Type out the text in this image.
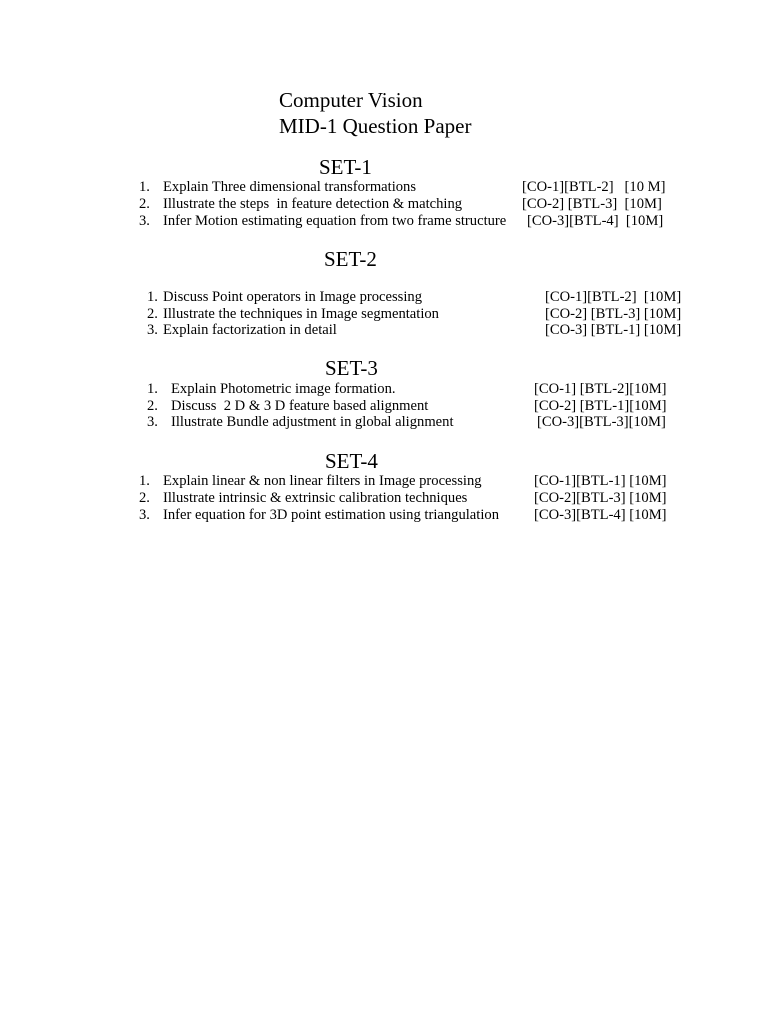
Computer Vision
MID-1 Question Paper
SET-1
1. Explain Three dimensional transformations	[CO-1][BTL-2]   [10 M]
2. Illustrate the steps  in feature detection & matching	[CO-2] [BTL-3]  [10M]
3. Infer Motion estimating equation from two frame structure [CO-3][BTL-4]  [10M]
SET-2
1. Discuss Point operators in Image processing	[CO-1][BTL-2]  [10M]
2. Illustrate the techniques in Image segmentation	[CO-2] [BTL-3] [10M]
3. Explain factorization in detail	[CO-3] [BTL-1] [10M]
SET-3
1. Explain Photometric image formation.	[CO-1] [BTL-2][10M]
2. Discuss  2 D & 3 D feature based alignment	[CO-2] [BTL-1][10M]
3. Illustrate Bundle adjustment in global alignment	[CO-3][BTL-3][10M]
SET-4
1. Explain linear & non linear filters in Image processing	[CO-1][BTL-1] [10M]
2. Illustrate intrinsic & extrinsic calibration techniques	[CO-2][BTL-3] [10M]
3. Infer equation for 3D point estimation using triangulation [CO-3][BTL-4] [10M]
